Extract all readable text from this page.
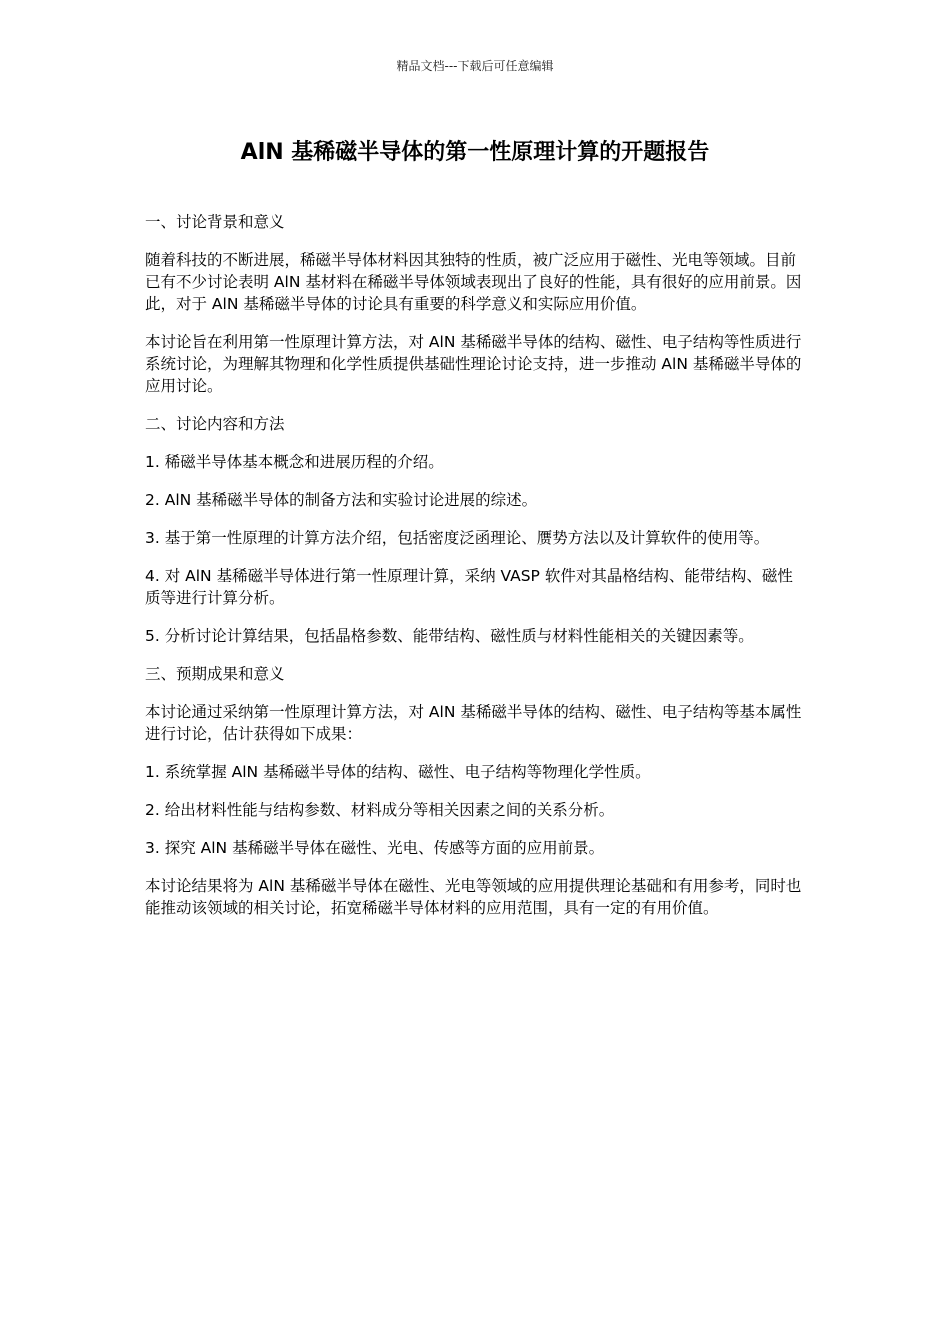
精品文档---下载后可任意编辑
AlN 基稀磁半导体的第一性原理计算的开题报告

一、讨论背景和意义

随着科技的不断进展，稀磁半导体材料因其独特的性质，被广泛应用于磁性、光电等领域。目前已有不少讨论表明 AlN 基材料在稀磁半导体领域表现出了良好的性能，具有很好的应用前景。因此，对于 AlN 基稀磁半导体的讨论具有重要的科学意义和实际应用价值。

本讨论旨在利用第一性原理计算方法，对 AlN 基稀磁半导体的结构、磁性、电子结构等性质进行系统讨论，为理解其物理和化学性质提供基础性理论讨论支持，进一步推动 AlN 基稀磁半导体的应用讨论。

二、讨论内容和方法

1. 稀磁半导体基本概念和进展历程的介绍。

2. AlN 基稀磁半导体的制备方法和实验讨论进展的综述。

3. 基于第一性原理的计算方法介绍，包括密度泛函理论、赝势方法以及计算软件的使用等。

4. 对 AlN 基稀磁半导体进行第一性原理计算，采纳 VASP 软件对其晶格结构、能带结构、磁性质等进行计算分析。

5. 分析讨论计算结果，包括晶格参数、能带结构、磁性质与材料性能相关的关键因素等。

三、预期成果和意义

本讨论通过采纳第一性原理计算方法，对 AlN 基稀磁半导体的结构、磁性、电子结构等基本属性进行讨论，估计获得如下成果：

1. 系统掌握 AlN 基稀磁半导体的结构、磁性、电子结构等物理化学性质。

2. 给出材料性能与结构参数、材料成分等相关因素之间的关系分析。

3. 探究 AlN 基稀磁半导体在磁性、光电、传感等方面的应用前景。

本讨论结果将为 AlN 基稀磁半导体在磁性、光电等领域的应用提供理论基础和有用参考，同时也能推动该领域的相关讨论，拓宽稀磁半导体材料的应用范围，具有一定的有用价值。
